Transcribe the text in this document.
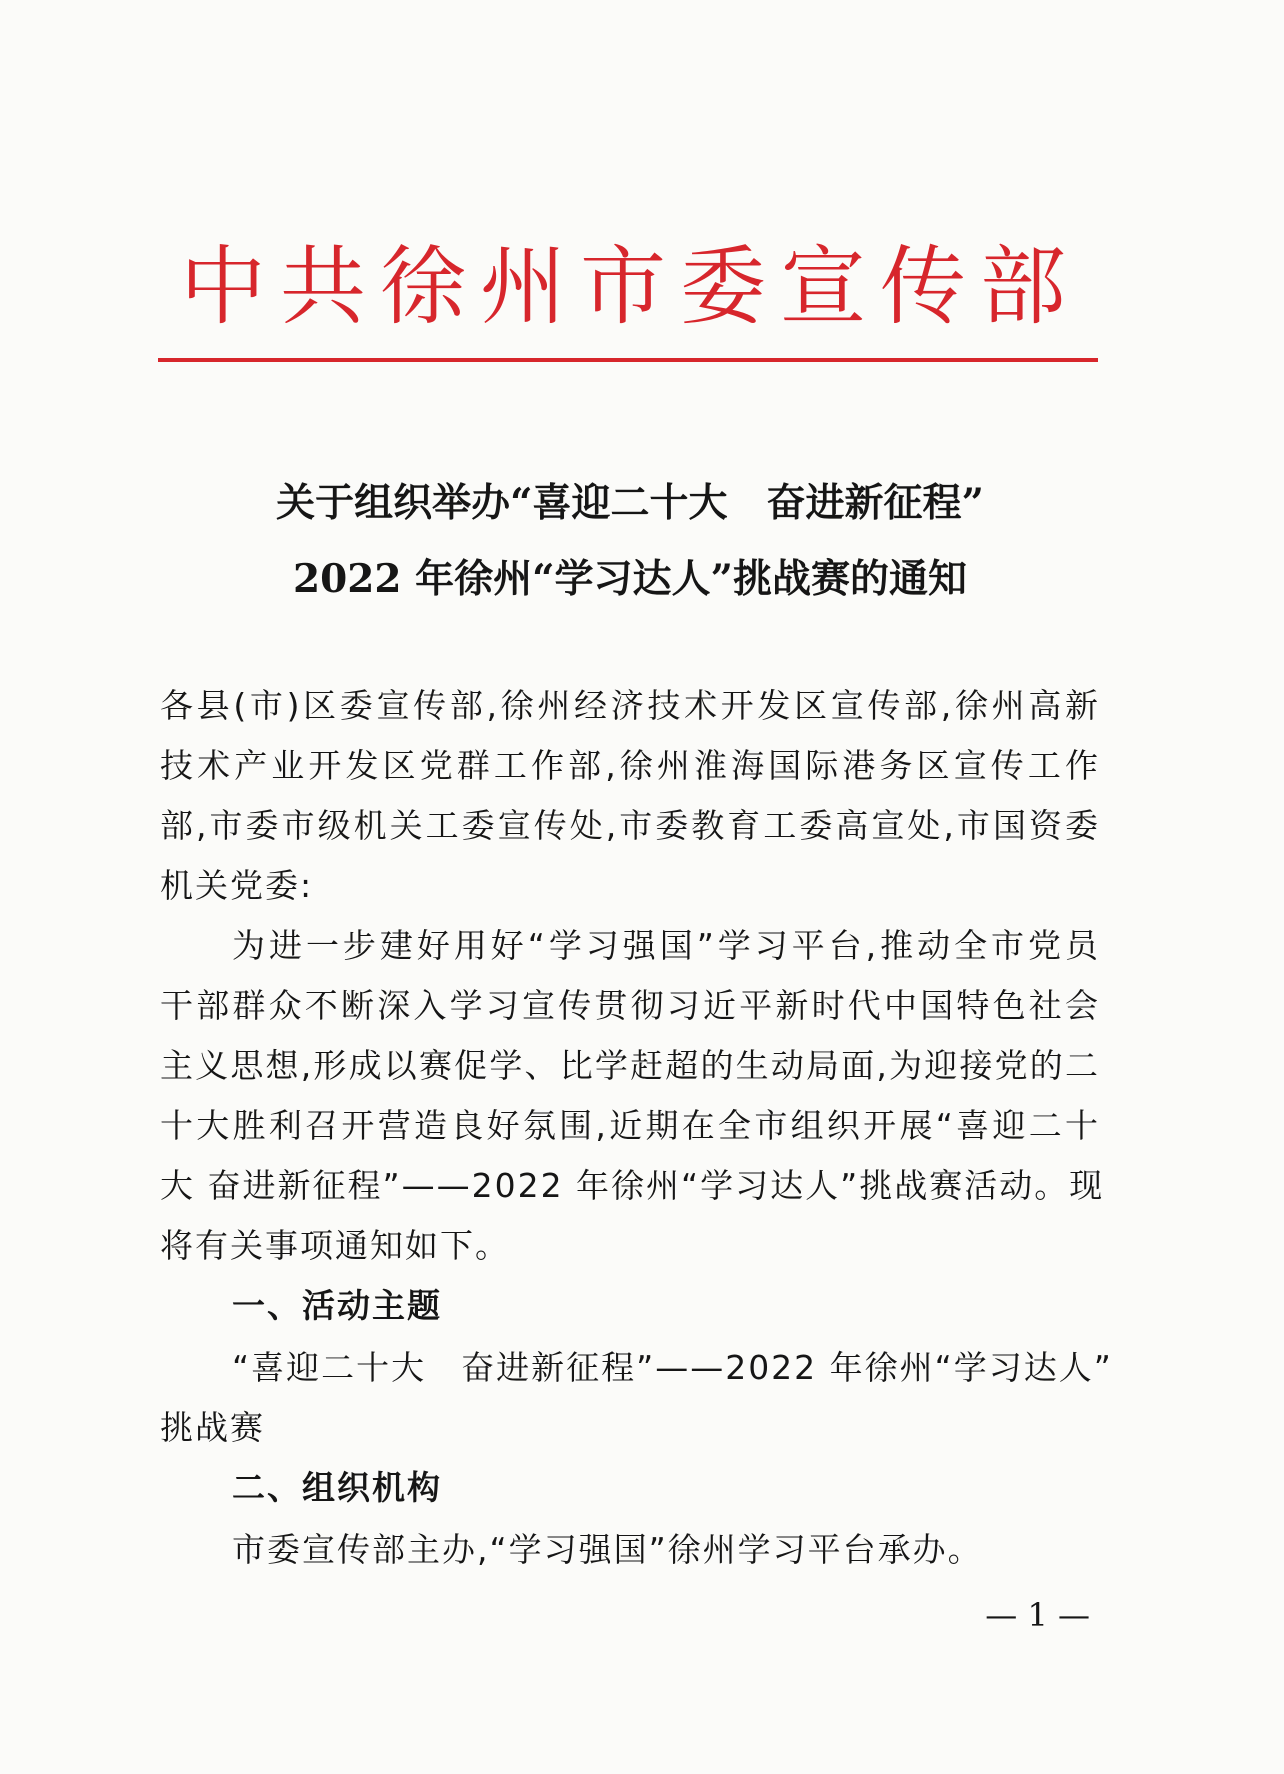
中共徐州市委宣传部
关于组织举办“喜迎二十大　奋进新征程”
2022 年徐州“学习达人”挑战赛的通知

各县(市)区委宣传部,徐州经济技术开发区宣传部,徐州高新

技术产业开发区党群工作部,徐州淮海国际港务区宣传工作

部,市委市级机关工委宣传处,市委教育工委高宣处,市国资委

机关党委:

为进一步建好用好“学习强国”学习平台,推动全市党员

干部群众不断深入学习宣传贯彻习近平新时代中国特色社会

主义思想,形成以赛促学、比学赶超的生动局面,为迎接党的二

十大胜利召开营造良好氛围,近期在全市组织开展“喜迎二十

大 奋进新征程”——2022 年徐州“学习达人”挑战赛活动。现

将有关事项通知如下。

一、活动主题

“喜迎二十大　奋进新征程”——2022 年徐州“学习达人”

挑战赛

二、组织机构

市委宣传部主办,“学习强国”徐州学习平台承办。

— 1 —
